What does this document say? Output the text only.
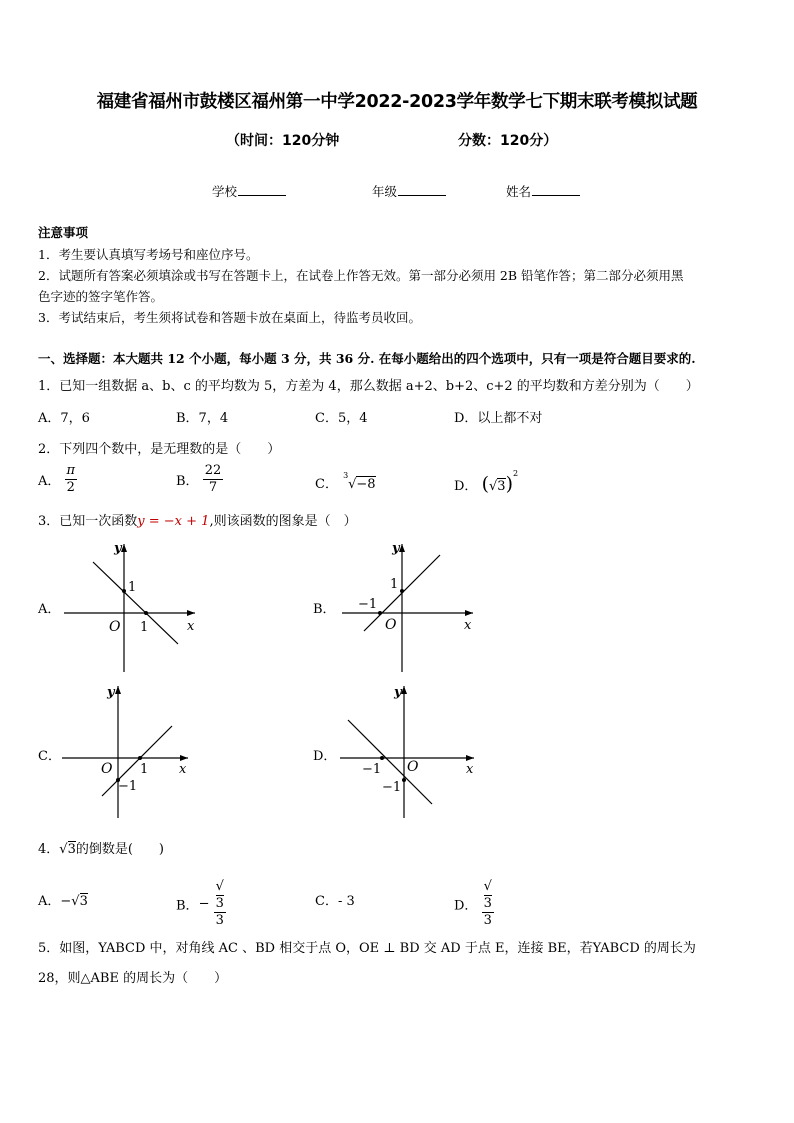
福建省福州市鼓楼区福州第一中学2022-2023学年数学七下期末联考模拟试题
（时间：120分钟	分数：120分）
学校	年级	姓名
注意事项
1．考生要认真填写考场号和座位序号。
2．试题所有答案必须填涂或书写在答题卡上，在试卷上作答无效。第一部分必须用 2B 铅笔作答；第二部分必须用黑
色字迹的签字笔作答。
3．考试结束后，考生须将试卷和答题卡放在桌面上，待监考员收回。
一、选择题：本大题共 12 个小题，每小题 3 分，共 36 分. 在每小题给出的四个选项中，只有一项是符合题目要求的.
1．已知一组数据 a、b、c 的平均数为 5，方差为 4，那么数据 a+2、b+2、c+2 的平均数和方差分别为（　　）
A．7，6	B．7，4	C．5，4	D．以上都不对
2．下列四个数中，是无理数的是（　　）
A． $\frac{\pi}{2}$	B． $\frac{22}{7}$	C．
3
√−8	D． $(√3)^2$
3．已知一次函数y = −x + 1,则该函数的图象是（　）
A．	B．
C．	D．
y
x
O
1
1
y
x
O
1
−1
y
x
O 1
−1
y
x
O
−1
−1
4．√3的倒数是(　　)
A．−√3	B．− √
3
3	C．- 3	D． √
3
3
5．如图，YABCD 中，对角线 AC 、BD 相交于点 O，OE ⊥ BD 交 AD 于点 E，连接 BE，若YABCD 的周长为
28，则△ABE 的周长为（　　）
